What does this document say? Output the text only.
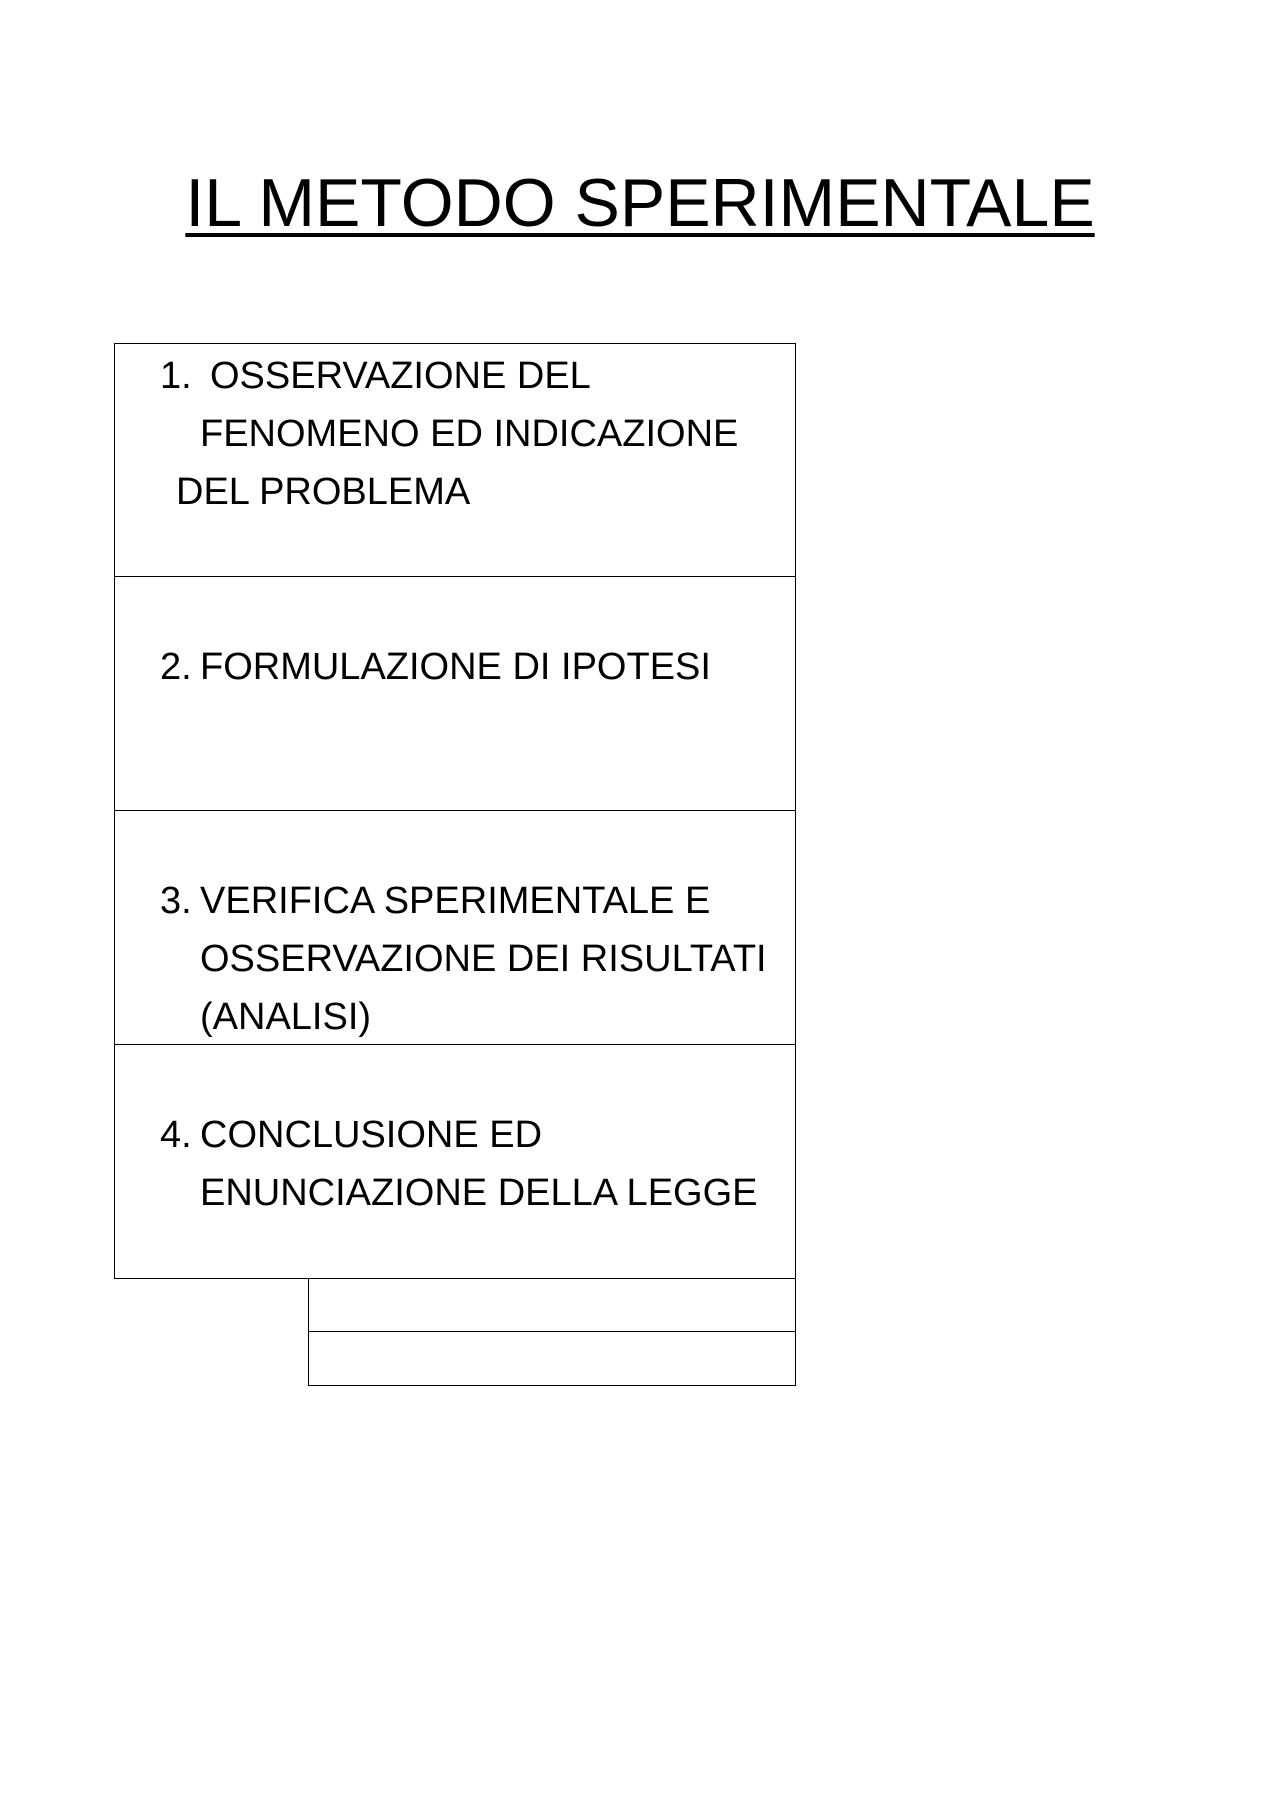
IL METODO SPERIMENTALE
1. OSSERVAZIONE DEL
FENOMENO ED INDICAZIONE
DEL PROBLEMA
2. FORMULAZIONE DI IPOTESI
3. VERIFICA SPERIMENTALE E
OSSERVAZIONE DEI RISULTATI
(ANALISI)
4. CONCLUSIONE ED
ENUNCIAZIONE DELLA LEGGE
